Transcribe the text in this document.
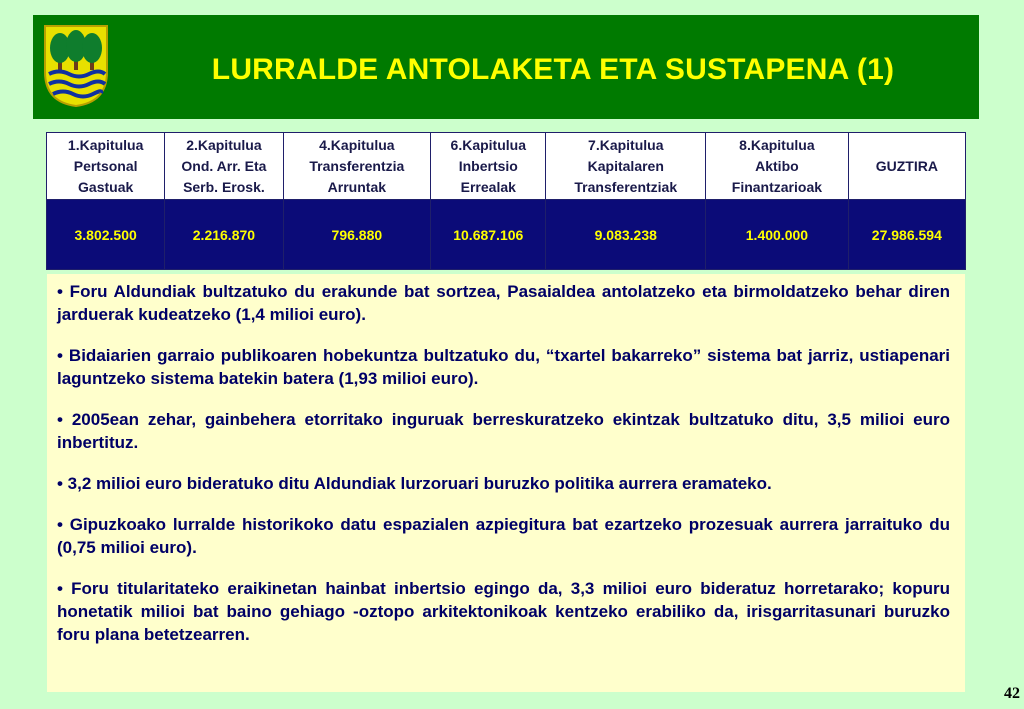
LURRALDE ANTOLAKETA ETA SUSTAPENA (1)
1.Kapitulua
Pertsonal
Gastuak	2.Kapitulua
Ond. Arr. Eta
Serb. Erosk.	4.Kapitulua
Transferentzia
Arruntak	6.Kapitulua
Inbertsio
Errealak	7.Kapitulua
Kapitalaren
Transferentziak	8.Kapitulua
Aktibo
Finantzarioak	GUZTIRA
3.802.500	2.216.870	796.880	10.687.106	9.083.238	1.400.000	27.986.594

• Foru Aldundiak bultzatuko du erakunde bat sortzea, Pasaialdea antolatzeko eta birmoldatzeko behar diren jarduerak kudeatzeko (1,4 milioi euro).

• Bidaiarien garraio publikoaren hobekuntza bultzatuko du, “txartel bakarreko” sistema bat jarriz, ustiapenari laguntzeko sistema batekin batera (1,93 milioi euro).

• 2005ean zehar, gainbehera etorritako inguruak berreskuratzeko ekintzak bultzatuko ditu, 3,5 milioi euro inbertituz.

• 3,2 milioi euro bideratuko ditu Aldundiak lurzoruari buruzko politika aurrera eramateko.

• Gipuzkoako lurralde historikoko datu espazialen azpiegitura bat ezartzeko prozesuak aurrera jarraituko du (0,75 milioi euro).

• Foru titularitateko eraikinetan hainbat inbertsio egingo da, 3,3 milioi euro bideratuz horretarako; kopuru honetatik milioi bat baino gehiago -oztopo arkitektonikoak kentzeko erabiliko da, irisgarritasunari buruzko foru plana betetzearren.

42
